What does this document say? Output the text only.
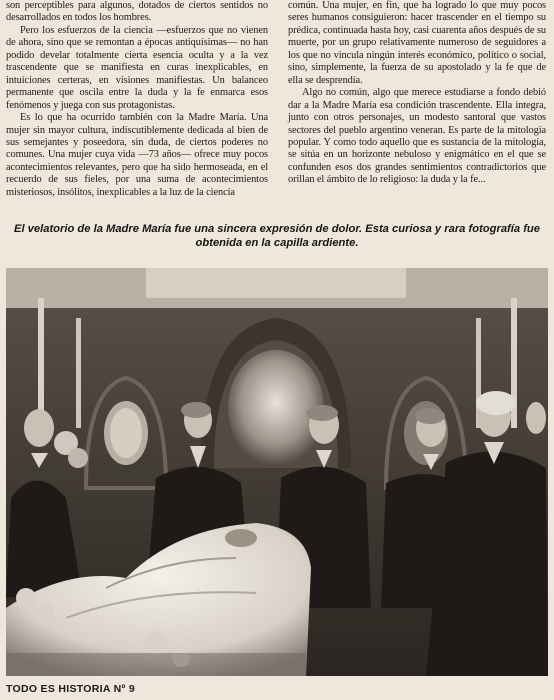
son perceptibles para algunos, dotados de ciertos sentidos no desarrollados en todos los hombres.

Pero los esfuerzos de la ciencia —esfuerzos que no vienen de ahora, sino que se remontan a épocas antiquísimas— no han podido develar totalmente cierta esencia oculta y a la vez trascendente que se manifiesta en curas inexplicables, en intuiciones certeras, en visiones manifiestas. Un balanceo permanente que oscila entre la duda y la fe enmarca esos fenómenos y juega con sus protagonistas.

Es lo que ha ocurrido también con la Madre María. Una mujer sin mayor cultura, indiscutiblemente dedicada al bien de sus semejantes y poseedora, sin duda, de ciertos poderes no comunes. Una mujer cuya vida —73 años— ofrece muy pocos acontecimientos relevantes, pero que ha sido hermoseada, en el recuerdo de sus fieles, por una suma de acontecimientos misteriosos, insólitos, inexplicables a la luz de la ciencia

común. Una mujer, en fin, que ha logrado lo que muy pocos seres humanos consiguieron: hacer trascender en el tiempo su prédica, continuada hasta hoy, casi cuarenta años después de su muerte, por un grupo relativamente numeroso de seguidores a los que no vincula ningún interés económico, político o social, sino, simplemente, la fuerza de su apostolado y la fe que de ella se desprendía.

Algo no común, algo que merece estudiarse a fondo debió dar a la Madre María esa condición trascendente. Ella integra, junto con otros personajes, un modesto santoral que vastos sectores del pueblo argentino veneran. Es parte de la mitología popular. Y como todo aquello que es sustancia de la mitología, se sitúa en un horizonte nebuloso y enigmático en el que se confunden esos dos grandes sentimientos contradictorios que orillan el ámbito de lo religioso: la duda y la fe...

El velatorio de la Madre María fue una sincera expresión de dolor. Esta curiosa y rara fotografía fue obtenida en la capilla ardiente.
TODO ES HISTORIA Nº 9
